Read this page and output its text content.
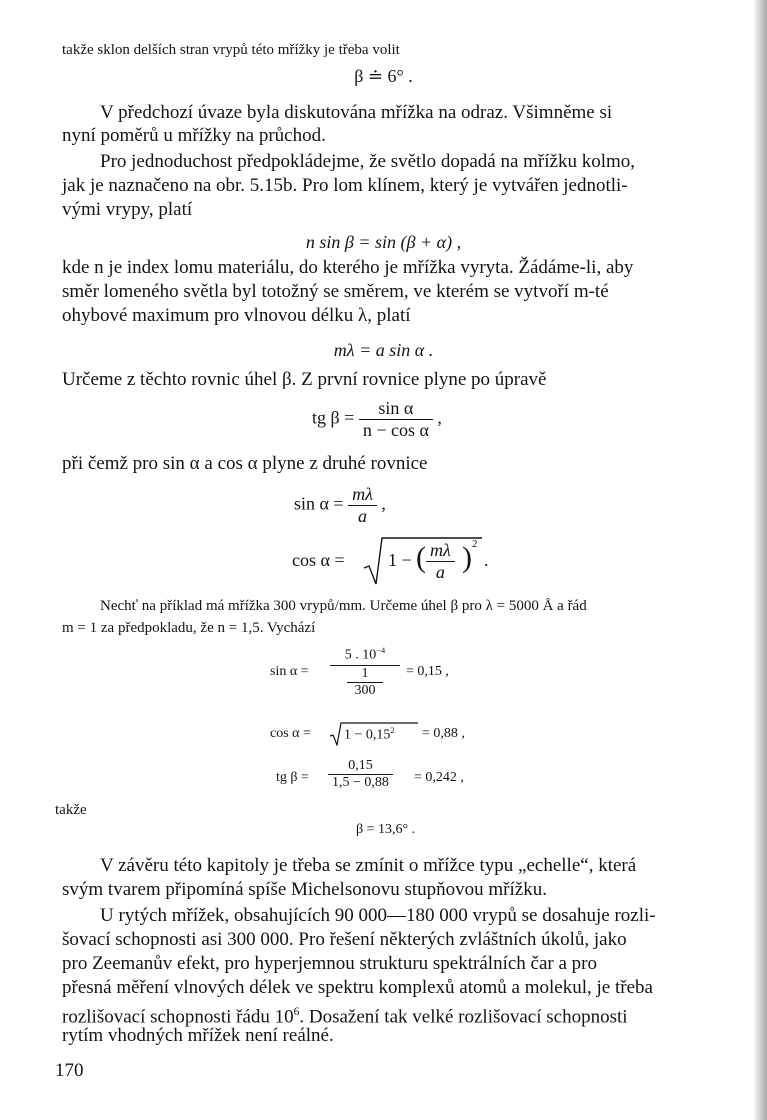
takže sklon delších stran vrypů této mřížky je třeba volit
β ≐ 6° .
V předchozí úvaze byla diskutována mřížka na odraz. Všimněme si
nyní poměrů u mřížky na průchod.
Pro jednoduchost předpokládejme, že světlo dopadá na mřížku kolmo,
jak je naznačeno na obr. 5.15b. Pro lom klínem, který je vytvářen jednotli-
vými vrypy, platí
n sin β = sin (β + α) ,
kde n je index lomu materiálu, do kterého je mřížka vyryta. Žádáme-li, aby
směr lomeného světla byl totožný se směrem, ve kterém se vytvoří m-té
ohybové maximum pro vlnovou délku λ, platí
mλ = a sin α .
Určeme z těchto rovnic úhel β. Z první rovnice plyne po úpravě
tg $\beta = \frac{\text{sin α}}{\text{n − cos α}}$ ,
při čemž pro sin α a cos α plyne z druhé rovnice
$\sin \alpha = \frac{m\lambda}{a}$ ,
cos α = 1 − ( $\frac{m\lambda}{a}$ ) 2
.
Nechť na příklad má mřížka 300 vrypů/mm. Určeme úhel β pro λ = 5000 Å a řád
m = 1 za předpokladu, že n = 1,5. Vychází
sin α =
5 . $10^{-4}$
1
300
= 0,15 ,
$\cos \alpha = 1 - 0,15^2 = 0,88$ ,
tg $\beta = \frac{0,15}{1,5 - 0,88} = 0,242$ ,
takže
β = 13,6° .
V závěru této kapitoly je třeba se zmínit o mřížce typu „echelle“, která
svým tvarem připomíná spíše Michelsonovu stupňovou mřížku.
U rytých mřížek, obsahujících 90 000—180 000 vrypů se dosahuje rozli-
šovací schopnosti asi 300 000. Pro řešení některých zvláštních úkolů, jako
pro Zeemanův efekt, pro hyperjemnou strukturu spektrálních čar a pro
přesná měření vlnových délek ve spektru komplexů atomů a molekul, je třeba
rozlišovací schopnosti řádu $10^6$. Dosažení tak velké rozlišovací schopnosti
rytím vhodných mřížek není reálné.
170
